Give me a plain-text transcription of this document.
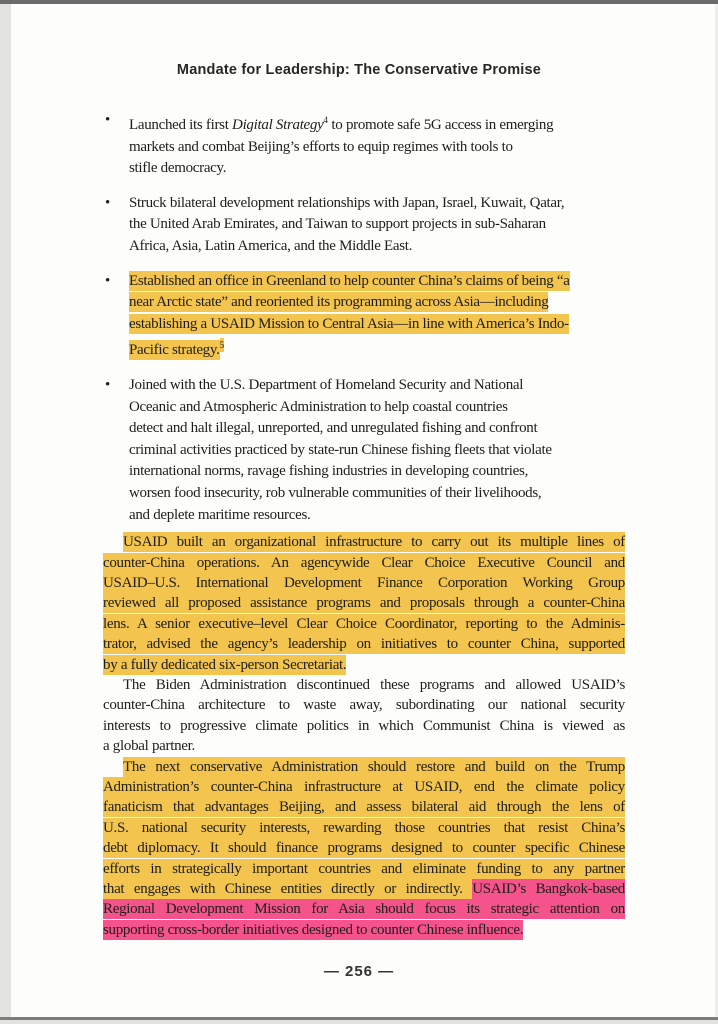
Mandate for Leadership: The Conservative Promise
• Launched its first Digital Strategy$^4$ to promote safe 5G access in emerging
markets and combat Beijing’s efforts to equip regimes with tools to
stifle democracy.
• Struck bilateral development relationships with Japan, Israel, Kuwait, Qatar,
the United Arab Emirates, and Taiwan to support projects in sub-Saharan
Africa, Asia, Latin America, and the Middle East.
• Established an office in Greenland to help counter China’s claims of being “a
near Arctic state” and reoriented its programming across Asia—including
establishing a USAID Mission to Central Asia—in line with America’s Indo-
Pacific strategy.$^5$
• Joined with the U.S. Department of Homeland Security and National
Oceanic and Atmospheric Administration to help coastal countries
detect and halt illegal, unreported, and unregulated fishing and confront
criminal activities practiced by state-run Chinese fishing fleets that violate
international norms, ravage fishing industries in developing countries,
worsen food insecurity, rob vulnerable communities of their livelihoods,
and deplete maritime resources.
USAID built an organizational infrastructure to carry out its multiple lines of
counter-China operations. An agencywide Clear Choice Executive Council and
USAID–U.S. International Development Finance Corporation Working Group
reviewed all proposed assistance programs and proposals through a counter-China
lens. A senior executive–level Clear Choice Coordinator, reporting to the Adminis-
trator, advised the agency’s leadership on initiatives to counter China, supported
by a fully dedicated six-person Secretariat.
The Biden Administration discontinued these programs and allowed USAID’s
counter-China architecture to waste away, subordinating our national security
interests to progressive climate politics in which Communist China is viewed as
a global partner.
The next conservative Administration should restore and build on the Trump
Administration’s counter-China infrastructure at USAID, end the climate policy
fanaticism that advantages Beijing, and assess bilateral aid through the lens of
U.S. national security interests, rewarding those countries that resist China’s
debt diplomacy. It should finance programs designed to counter specific Chinese
efforts in strategically important countries and eliminate funding to any partner
that engages with Chinese entities directly or indirectly. USAID’s Bangkok-based
Regional Development Mission for Asia should focus its strategic attention on
supporting cross-border initiatives designed to counter Chinese influence.
— 256 —
